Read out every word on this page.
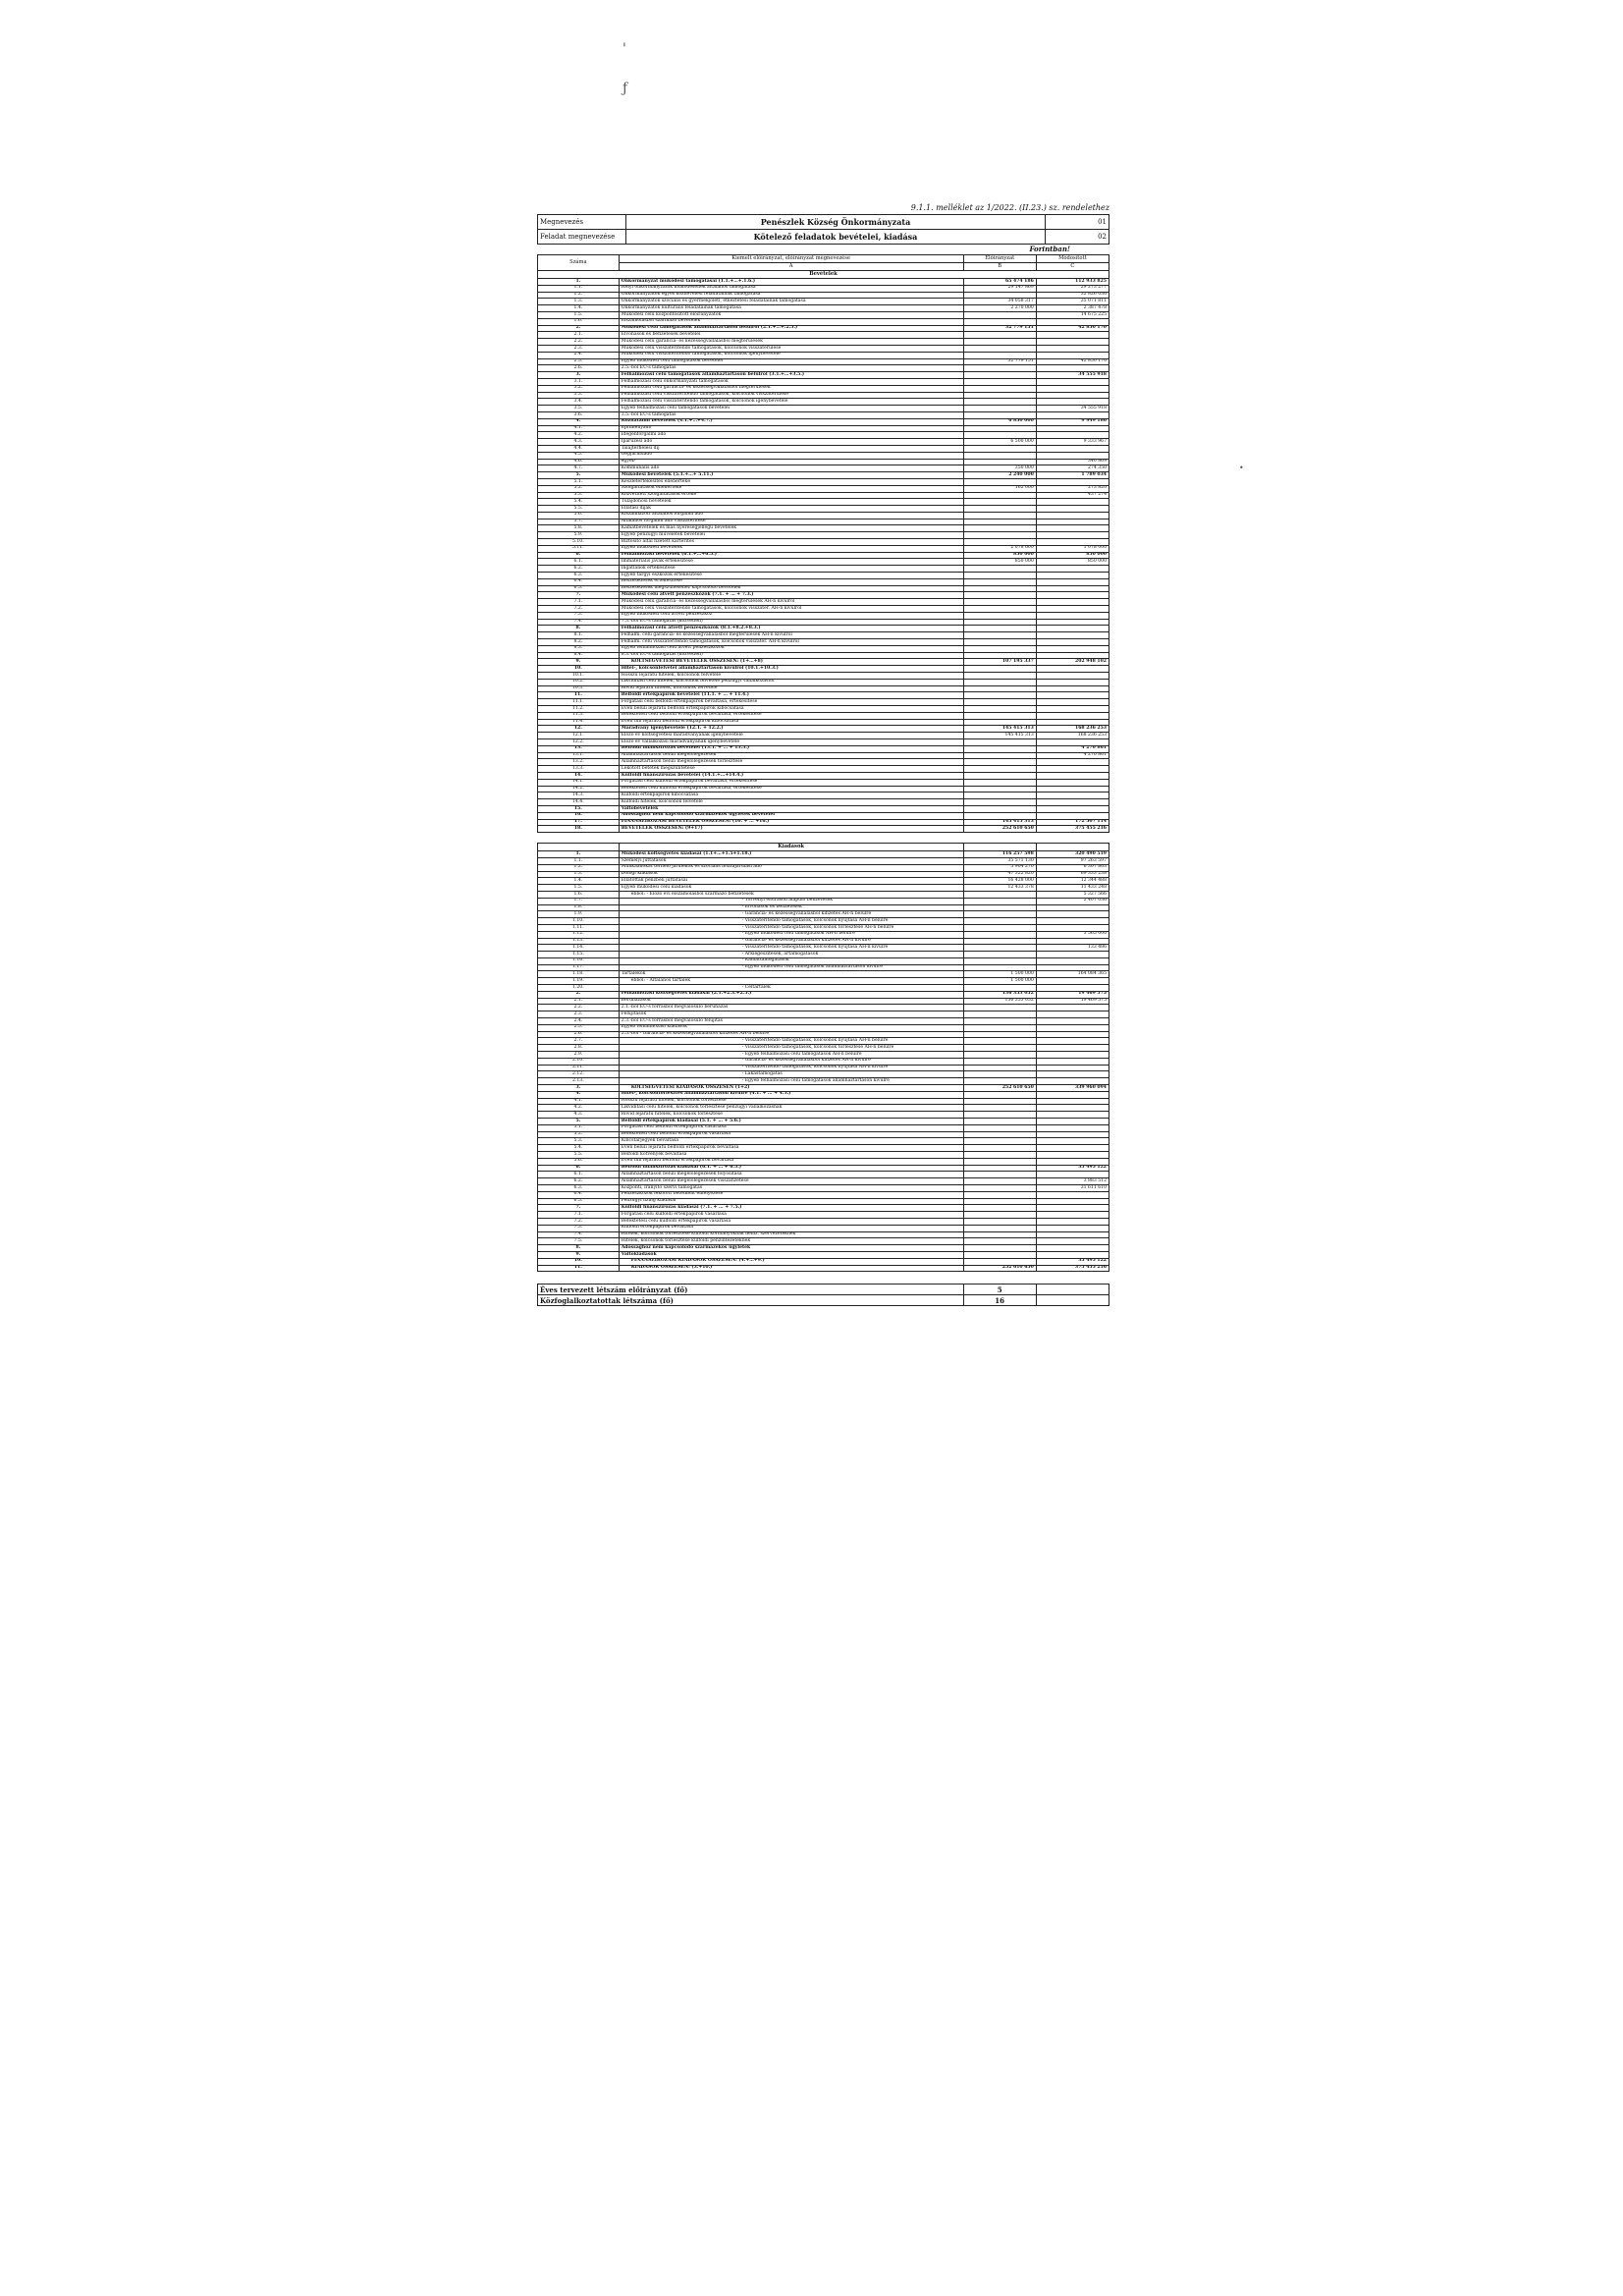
'
ƒ
•
9.1.1. melléklet az 1/2022. (II.23.) sz. rendelethez
Megnevezés	Penészlek Község Önkormányzata	01
Feladat megnevezése	Kötelező feladatok bevételei, kiadása	02
Forintban!
Száma	Kiemelt előirányzat, előirányzat megnevezése	Előirányzat	Módosított
	A	B	C
Bevételek			
1.	Önkormányzat működési támogatásai (1.1.+…+.1.6.)	65 474 186	112 933 825
1.1.	Helyi önkormányzatok működésének általános támogatása	29 147 869	29 273 277
1.2.	Önkormányzatok egyes köznevelési feladatainak támogatása		32 826 036
1.3.	Önkormányzatok szociális és gyermekjóléti, étkeztetési feladatainak támogatása	34 058 317	35 071 811
1.4.	Önkormányzatok kulturális feladatainak támogatása	2 270 000	2 387 478
1.5.	Működési célú központosított előirányzatok		14 675 225
1.6.	Elszámolásból származó bevételek		
2.	Működési célú támogatások államháztartáson belülről (2.1.+…+.2.5.)	32 779 151	42 850 170
2.1.	Elvonások és befizetések bevételei		
2.2.	Működési célú garancia- és kezességvállalásból megtérülések		
2.3.	Működési célú visszatérítendő támogatások, kölcsönök visszatérülése		
2.4.	Működési célú visszatérítendő támogatások, kölcsönök igénybevétele		
2.5.	Egyéb működési célú támogatások bevételei	32 779 151	42 850 170
2.6.	2.5.-ből EU-s támogatás		
3.	Felhalmozási célú támogatások államháztartáson belülről (3.1.+…+3.5.)		34 555 918
3.1.	Felhalmozási célú önkormányzati támogatások		
3.2.	Felhalmozási célú garancia- és kezességvállalásból megtérülések		
3.3.	Felhalmozási célú visszatérítendő támogatások, kölcsönök visszatérülése		
3.4.	Felhalmozási célú visszatérítendő támogatások, kölcsönök igénybevétele		
3.5.	Egyéb felhalmozási célú támogatások bevételei		34 555 918
3.6.	3.5.-ből EU-s támogatás		
4.	Közhatalmi bevételek (4.1.+…+4.7.)	6 850 000	9 949 186
4.1.	Építményadó		
4.2.	Idegenforgalmi adó		
4.3.	Iparűzési adó	6 500 000	9 333 967
4.4.	Talajterhelési díj		
4.5.	Gépjárműadó		
4.6.	egyéb		340 869
4.7.	Kommunális adó	350 000	274 350
5.	Működési bevételek (5.1.+…+ 5.11.)	2 240 000	1 789 034
5.1.	Készletértékesítés ellenértéke		
5.2.	Szolgáltatások ellenértéke	162 000	273 820
5.3.	Közvetített szolgáltatások értéke		437 274
5.4.	Tulajdonosi bevételek		
5.5.	Ellátási díjak		
5.6.	Kiszámlázott általános forgalmi adó		
5.7.	Általános forgalmi adó visszatérítése		
5.8.	Kamatbevételek és más nyereségjellegű bevételek		
5.9.	Egyéb pénzügyi műveletek bevételei		
5.10.	Biztosító által fizetett kártérítés		
5.11.	Egyéb működési bevételek	2 078 000	1 078 000
6.	Felhalmozási bevételek (6.1.+…+6.5.)	850 000	850 000
6.1.	Immateriális javak értékesítése	850 000	850 000
6.2.	Ingatlanok értékesítése		
6.3.	Egyéb tárgyi eszközök értékesítése		
6.4.	Részesedések értékesítése		
6.5.	Részesedések megszűnéséhez kapcsolódó bevételek		
7.	Működési célú átvett pénzeszközök (7.1. + … + 7.3.)		
7.1.	Működési célú garancia- és kezességvállalásból megtérülések ÁH-n kívülről		
7.2.	Működési célú visszatérítendő támogatások, kölcsönök visszatér. ÁH-n kívülről		
7.3.	Egyéb működési célú átvett pénzeszköz		
7.4.	7.3.-ból EU-s támogatás (közvetlen)		
8.	Felhalmozási célú átvett pénzeszközök (8.1.+8.2.+8.3.)		
8.1.	Felhalm. célú garancia- és kezességvállalásból megtérülések ÁH-n kívülről		
8.2.	Felhalm. célú visszatérítendő támogatások, kölcsönök visszatér. ÁH-n kívülről		
8.3.	Egyéb felhalmozási célú átvett pénzeszközök		
8.4.	8.3.-ból EU-s támogatás (közvetlen)		
9.	KÖLTSÉGVETÉSI BEVÉTELEK ÖSSZESEN: (1+…+8)	107 195 337	202 948 102
10.	Hitel-, kölcsönfelvétel államháztartáson kívülről (10.1.+10.3.)		
10.1.	Hosszú lejáratú hitelek, kölcsönök felvétele		
10.2.	Likviditási célú hitelek, kölcsönök felvétele pénzügyi vállalkozástól		
10.3.	Rövid lejáratú hitelek, kölcsönök felvétele		
11.	Belföldi értékpapírok bevételei (11.1. + … + 11.4.)		
11.1.	Forgatási célú belföldi értékpapírok beváltása, értékesítése		
11.2.	Éven belüli lejáratú belföldi értékpapírok kibocsátása		
11.3.	Befektetési célú belföldi értékpapírok beváltása, értékesítése		
11.4.	Éven túli lejáratú belföldi értékpapírok kibocsátása		
12.	Maradvány igénybevétele (12.1. + 12.2.)	145 415 313	168 236 253
12.1.	Előző év költségvetési maradványának igénybevétele	145 415 313	168 236 253
12.2.	Előző év vállalkozási maradványának igénybevétele		
13.	Belföldi finanszírozás bevételei (13.1. + … + 13.3.)		4 270 861
13.1.	Államháztartáson belüli megelőlegezések		4 270 861
13.2.	Államháztartáson belüli megelőlegezések törlesztése		
13.3.	Lekötött betétek megszüntetése		
14.	Külföldi finanszírozás bevételei (14.1.+…+14.4.)		
14.1.	Forgatási célú külföldi értékpapírok beváltása, értékesítése		
14.2.	Befektetési célú külföldi értékpapírok beváltása, értékesítése		
14.3.	Külföldi értékpapírok kibocsátása		
14.4.	Külföldi hitelek, kölcsönök felvétele		
15.	Váltóbevételek		
16.	Adóssághoz nem kapcsolódó származékos ügyletek bevételei		
17.	FINANSZÍROZÁSI BEVÉTELEK ÖSSZESEN: (10. + … +16.)	145 415 313	172 507 114
18.	BEVÉTELEK ÖSSZESEN: (9+17)	252 610 650	375 455 216
	Kiadások		
1.	Működési költségvetés kiadásai (1.1+…+1.5+1.18.)	116 257 598	320 490 519
1.1.	Személyi juttatások	35 571 130	97 263 597
1.2.	Munkaadókat terhelő járulékok és szociális hozzájárulási adó	5 904 270	6 307 803
1.3.	Dologi kiadások	47 322 820	69 333 238
1.4.	Ellátottak pénzbeli juttatásai	16 428 000	12 344 488
1.5.	Egyéb működési célú kiadások	12 433 378	11 433 248
1.6.	ebből: - Előző évi elszámolásból származó befizetések		5 327 566
1.7.	- Törvényi előíráson alapuló befizetések		2 407 036
1.8.	- Elvonások és befizetések		
1.9.	- Garancia- és kezességvállalásból kifizetés ÁH-n belülre		
1.10.	- Visszatérítendő támogatások, kölcsönök nyújtása ÁH-n belülre		
1.11.	- Visszatérítendő támogatások, kölcsönök törlesztése ÁH-n belülre		
1.12.	- Egyéb működési célú támogatások ÁH-n belülre		3 565 000
1.13.	- Garancia- és kezességvállalásból kifizetés ÁH-n kívülre		
1.14.	- Visszatérítendő támogatások, kölcsönök nyújtása ÁH-n kívülre		133 486
1.15.	- Árkiegészítések, ártámogatások		
1.16.	- Kamattámogatások		
1.17.	- Egyéb működési célú támogatások államháztartáson kívülre		
1.18.	Tartalékok	1 500 000	164 084 365
1.19.	ebből: - Általános tartalék	1 500 000	
1.20.	- Céltartalék		
2.	Felhalmozási költségvetés kiadásai (2.1.+2.3.+2.5.)	136 353 052	19 469 575
2.1.	Beruházások	136 353 052	19 469 575
2.2.	2.1.-ből EU-s forrásból megvalósuló beruházás		
2.3.	Felújítások		
2.4.	2.3.-ből EU-s forrásból megvalósuló felújítás		
2.5.	Egyéb felhalmozási kiadások		
2.6.	2.5.-ből - Garancia- és kezességvállalásból kifizetés ÁH-n belülre		
2.7.	- Visszatérítendő támogatások, kölcsönök nyújtása ÁH-n belülre		
2.8.	- Visszatérítendő támogatások, kölcsönök törlesztése ÁH-n belülre		
2.9.	- Egyéb felhalmozási célú támogatások ÁH-n belülre		
2.10.	- Garancia- és kezességvállalásból kifizetés ÁH-n kívülre		
2.11.	- Visszatérítendő támogatások, kölcsönök nyújtása ÁH-n kívülre		
2.12.	- Lakástámogatás		
2.13.	- Egyéb felhalmozási célú támogatások államháztartáson kívülre		
3.	KÖLTSÉGVETÉSI KIADÁSOK ÖSSZESEN (1+2)	252 610 650	339 960 094
4.	Hitel-, kölcsöntörlesztés államháztartáson kívülre (4.1. + … + 4.3.)		
4.1.	Hosszú lejáratú hitelek, kölcsönök törlesztése		
4.2.	Likviditási célú hitelek, kölcsönök törlesztése pénzügyi vállalkozásnak		
4.3.	Rövid lejáratú hitelek, kölcsönök törlesztése		
5.	Belföldi értékpapírok kiadásai (5.1. + … + 5.6.)		
5.1.	Forgatási célú belföldi értékpapírok vásárlása		
5.2.	Befektetési célú belföldi értékpapírok vásárlása		
5.3.	Kincstárjegyek beváltása		
5.4.	Éven belüli lejáratú belföldi értékpapírok beváltása		
5.5.	Belföldi kötvények beváltása		
5.6.	Éven túli lejáratú belföldi értékpapírok beváltása		
6.	Belföldi finanszírozás kiadásai (6.1. + … + 6.5.)		35 495 122
6.1.	Államháztartáson belüli megelőlegezések folyósítása		
6.2.	Államháztartáson belüli megelőlegezések visszafizetése		3 883 512
6.3.	Központi, irányító szervi támogatás		31 611 610
6.4.	Pénzeszközök lekötött betétként elhelyezése		
6.5.	Pénzügyi lízing kiadásai		
7.	Külföldi finanszírozás kiadásai (7.1. + … + 7.5.)		
7.1.	Forgatási célú külföldi értékpapírok vásárlása		
7.2.	Befektetési célú külföldi értékpapírok vásárlása		
7.3.	Külföldi értékpapírok beváltása		
7.4.	Hitelek, kölcsönök törlesztése külföldi kormányoknak nemz. szervezeteknek		
7.5.	Hitelek, kölcsönök törlesztése külföldi pénzintézeteknek		
8.	Adóssághoz nem kapcsolódó származékos ügyletek		
9.	Váltókiadások		
10.	FINANSZÍROZÁSI KIADÁSOK ÖSSZESEN: (4.+…+9.)		35 495 122
11.	KIADÁSOK ÖSSZESEN: (3.+10.)	252 610 650	375 455 216
Éves tervezett létszám előirányzat (fő)	5	
Közfoglalkoztatottak létszáma (fő)	16	
